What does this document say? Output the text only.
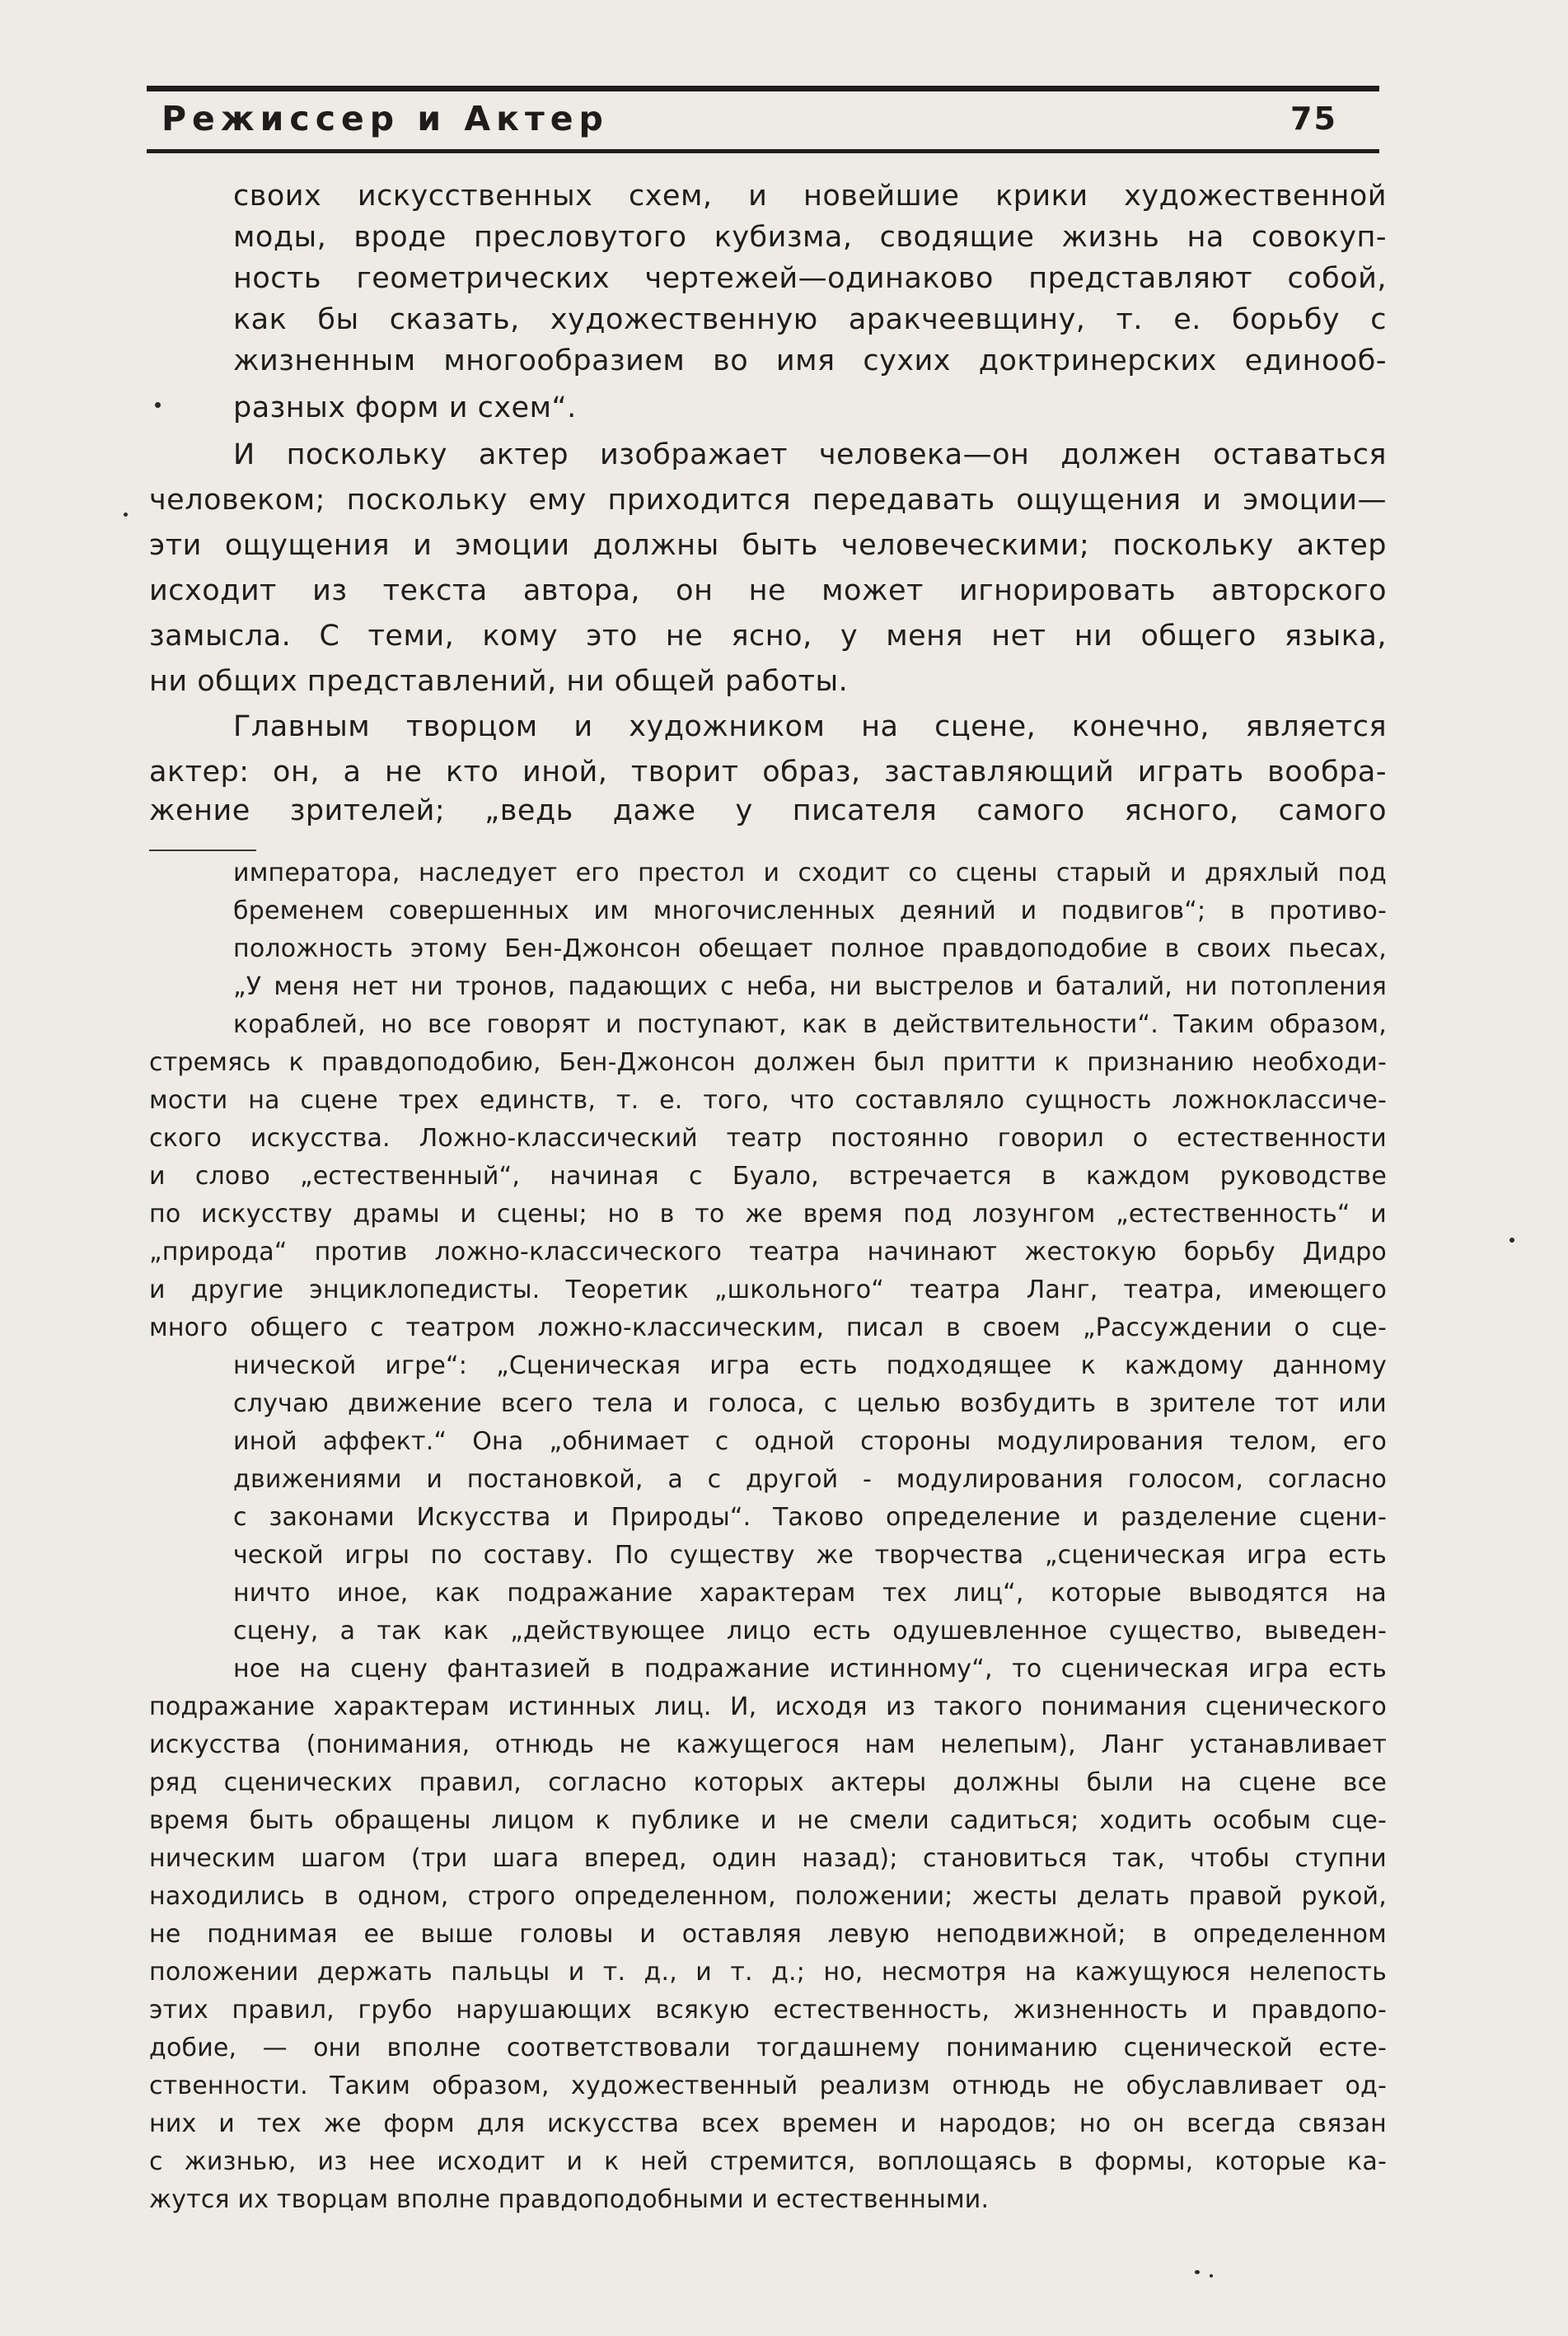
Режиссер и Актер	75
своих искусственных схем, и новейшие крики художественной
моды, вроде пресловутого кубизма, сводящие жизнь на совокуп-
ность геометрических чертежей—одинаково представляют собой,
как бы сказать, художественную аракчеевщину, т. е. борьбу с
жизненным многообразием во имя сухих доктринерских единооб-
разных форм и схем“.
И поскольку актер изображает человека—он должен оставаться
человеком; поскольку ему приходится передавать ощущения и эмоции—
эти ощущения и эмоции должны быть человеческими; поскольку актер
исходит из текста автора, он не может игнорировать авторского
замысла. С теми, кому это не ясно, у меня нет ни общего языка,
ни общих представлений, ни общей работы.
Главным творцом и художником на сцене, конечно, является
актер: он, а не кто иной, творит образ, заставляющий играть вообра-
жение зрителей; „ведь даже у писателя самого ясного, самого
императора, наследует его престол и сходит со сцены старый и дряхлый под
бременем совершенных им многочисленных деяний и подвигов“; в противо-
положность этому Бен-Джонсон обещает полное правдоподобие в своих пьесах,
„У меня нет ни тронов, падающих с неба, ни выстрелов и баталий, ни потопления
кораблей, но все говорят и поступают, как в действительности“. Таким образом,
стремясь к правдоподобию, Бен-Джонсон должен был притти к признанию необходи-
мости на сцене трех единств, т. е. того, что составляло сущность ложноклассиче-
ского искусства. Ложно-классический театр постоянно говорил о естественности
и слово „естественный“, начиная с Буало, встречается в каждом руководстве
по искусству драмы и сцены; но в то же время под лозунгом „естественность“ и
„природа“ против ложно-классического театра начинают жестокую борьбу Дидро
и другие энциклопедисты. Теоретик „школьного“ театра Ланг, театра, имеющего
много общего с театром ложно-классическим, писал в своем „Рассуждении о сце-
нической игре“: „Сценическая игра есть подходящее к каждому данному
случаю движение всего тела и голоса, с целью возбудить в зрителе тот или
иной аффект.“ Она „обнимает с одной стороны модулирования телом, его
движениями и постановкой, а с другой - модулирования голосом, согласно
с законами Искусства и Природы“. Таково определение и разделение сцени-
ческой игры по составу. По существу же творчества „сценическая игра есть
ничто иное, как подражание характерам тех лиц“, которые выводятся на
сцену, а так как „действующее лицо есть одушевленное существо, выведен-
ное на сцену фантазией в подражание истинному“, то сценическая игра есть
подражание характерам истинных лиц. И, исходя из такого понимания сценического
искусства (понимания, отнюдь не кажущегося нам нелепым), Ланг устанавливает
ряд сценических правил, согласно которых актеры должны были на сцене все
время быть обращены лицом к публике и не смели садиться; ходить особым сце-
ническим шагом (три шага вперед, один назад); становиться так, чтобы ступни
находились в одном, строго определенном, положении; жесты делать правой рукой,
не поднимая ее выше головы и оставляя левую неподвижной; в определенном
положении держать пальцы и т. д., и т. д.; но, несмотря на кажущуюся нелепость
этих правил, грубо нарушающих всякую естественность, жизненность и правдопо-
добие, — они вполне соответствовали тогдашнему пониманию сценической есте-
ственности. Таким образом, художественный реализм отнюдь не обуславливает од-
них и тех же форм для искусства всех времен и народов; но он всегда связан
с жизнью, из нее исходит и к ней стремится, воплощаясь в формы, которые ка-
жутся их творцам вполне правдоподобными и естественными.
